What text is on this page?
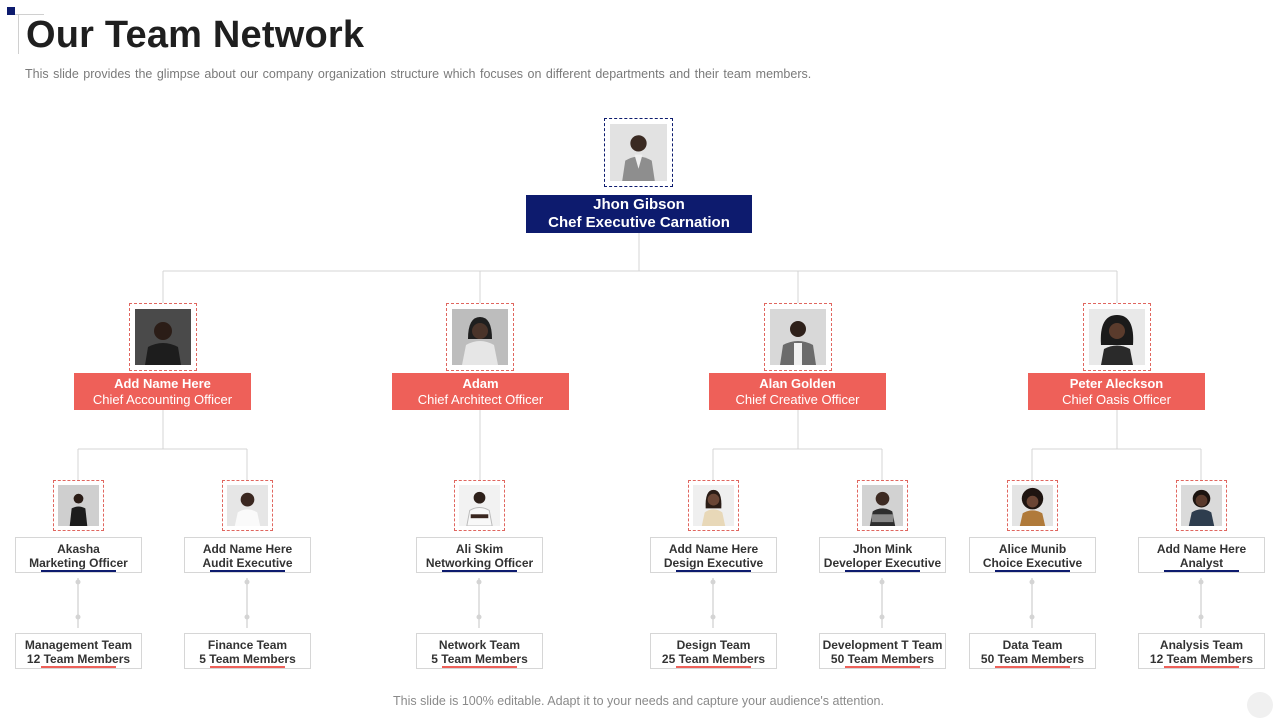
Our Team Network

This slide provides the glimpse about our company organization structure which focuses on different departments and their team members.

Jhon Gibson
Chef Executive Carnation
Add Name Here
Chief Accounting Officer
Adam
Chief Architect Officer
Alan Golden
Chief Creative Officer
Peter Aleckson
Chief Oasis Officer
Akasha
Marketing Officer
Add Name Here
Audit Executive
Ali Skim
Networking Officer
Add Name Here
Design Executive
Jhon Mink
Developer Executive
Alice Munib
Choice Executive
Add Name Here
Analyst
Management Team
12 Team Members
Finance Team
5 Team Members
Network Team
5 Team Members
Design Team
25 Team Members
Development T Team
50 Team Members
Data Team
50 Team Members
Analysis Team
12 Team Members

This slide is 100% editable. Adapt it to your needs and capture your audience's attention.
